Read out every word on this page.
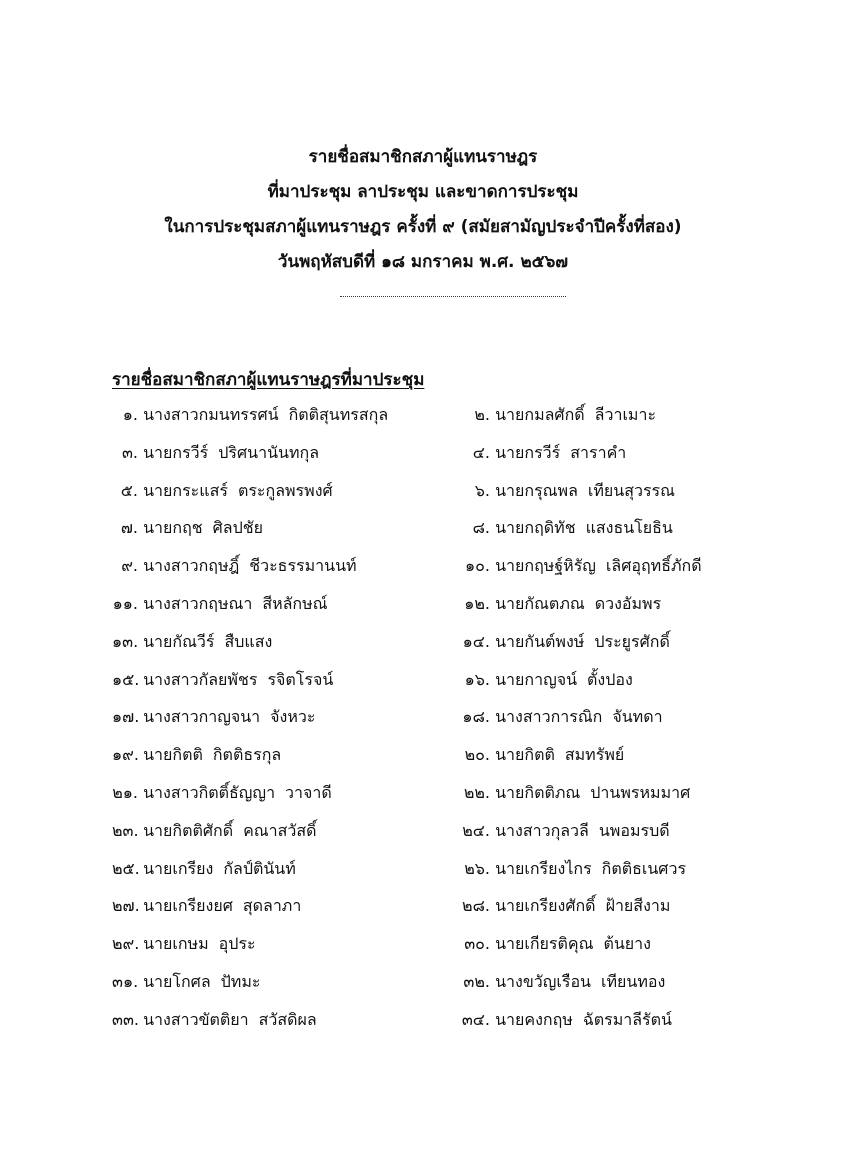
รายชื่อสมาชิกสภาผู้แทนราษฎร
ที่มาประชุม ลาประชุม และขาดการประชุม
ในการประชุมสภาผู้แทนราษฎร ครั้งที่ ๙ (สมัยสามัญประจำปีครั้งที่สอง)
วันพฤหัสบดีที่ ๑๘ มกราคม พ.ศ. ๒๕๖๗
รายชื่อสมาชิกสภาผู้แทนราษฎรที่มาประชุม
๑. นางสาวกมนทรรศน์ กิตติสุนทรสกุล	๒. นายกมลศักดิ์ ลีวาเมาะ
๓. นายกรวีร์ ปริศนานันทกุล	๔. นายกรวีร์ สาราคำ
๕. นายกระแสร์ ตระกูลพรพงศ์	๖. นายกรุณพล เทียนสุวรรณ
๗. นายกฤช ศิลปชัย	๘. นายกฤดิทัช แสงธนโยธิน
๙. นางสาวกฤษฎิ์ ชีวะธรรมานนท์	๑๐. นายกฤษฐ์หิรัญ เลิศอุฤทธิ์ภักดี
๑๑. นางสาวกฤษณา สีหลักษณ์	๑๒. นายกัณตภณ ดวงอัมพร
๑๓. นายกัณวีร์ สืบแสง	๑๔. นายกันต์พงษ์ ประยูรศักดิ์
๑๕. นางสาวกัลยพัชร รจิตโรจน์	๑๖. นายกาญจน์ ตั้งปอง
๑๗. นางสาวกาญจนา จังหวะ	๑๘. นางสาวการณิก จันทดา
๑๙. นายกิตติ กิตติธรกุล	๒๐. นายกิตติ สมทรัพย์
๒๑. นางสาวกิตติ์ธัญญา วาจาดี	๒๒. นายกิตติภณ ปานพรหมมาศ
๒๓. นายกิตติศักดิ์ คณาสวัสดิ์	๒๔. นางสาวกุลวลี นพอมรบดี
๒๕. นายเกรียง กัลป์ตินันท์	๒๖. นายเกรียงไกร กิตติธเนศวร
๒๗. นายเกรียงยศ สุดลาภา	๒๘. นายเกรียงศักดิ์ ฝ้ายสีงาม
๒๙. นายเกษม อุประ	๓๐. นายเกียรติคุณ ต้นยาง
๓๑. นายโกศล ปัทมะ	๓๒. นางขวัญเรือน เทียนทอง
๓๓. นางสาวขัตติยา สวัสดิผล	๓๔. นายคงกฤษ ฉัตรมาลีรัตน์
